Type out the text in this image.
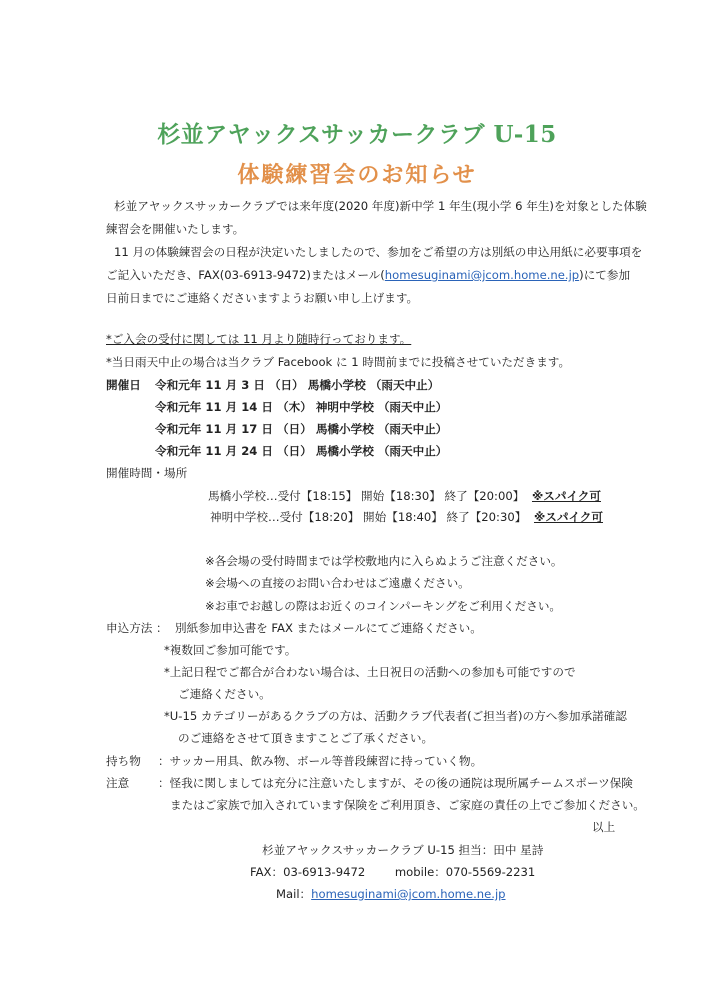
杉並アヤックスサッカークラブ U-15
体験練習会のお知らせ
杉並アヤックスサッカークラブでは来年度(2020 年度)新中学 1 年生(現小学 6 年生)を対象とした体験
練習会を開催いたします。
11 月の体験練習会の日程が決定いたしましたので、参加をご希望の方は別紙の申込用紙に必要事項を
ご記入いただき、FAX(03-6913-9472)またはメール(homesuginami@jcom.home.ne.jp)にて参加
日前日までにご連絡くださいますようお願い申し上げます。
*ご入会の受付に関しては 11 月より随時行っております。
*当日雨天中止の場合は当クラブ Facebook に 1 時間前までに投稿させていただきます。
開催日 令和元年 11 月 3 日 （日） 馬橋小学校 （雨天中止）
令和元年 11 月 14 日 （木） 神明中学校 （雨天中止）
令和元年 11 月 17 日 （日） 馬橋小学校 （雨天中止）
令和元年 11 月 24 日 （日） 馬橋小学校 （雨天中止）
開催時間・場所
馬橋小学校…受付【18:15】 開始【18:30】 終了【20:00】 ※スパイク可
神明中学校…受付【18:20】 開始【18:40】 終了【20:30】 ※スパイク可
※各会場の受付時間までは学校敷地内に入らぬようご注意ください。
※会場への直接のお問い合わせはご遠慮ください。
※お車でお越しの際はお近くのコインパーキングをご利用ください。
申込方法 ： 別紙参加申込書を FAX またはメールにてご連絡ください。
*複数回ご参加可能です。
*上記日程でご都合が合わない場合は、土日祝日の活動への参加も可能ですので
ご連絡ください。
*U-15 カテゴリーがあるクラブの方は、活動クラブ代表者(ご担当者)の方へ参加承諾確認
のご連絡をさせて頂きますことご了承ください。
持ち物 ：サッカー用具、飲み物、ボール等普段練習に持っていく物。
注意 ：怪我に関しましては充分に注意いたしますが、その後の通院は現所属チームスポーツ保険
またはご家族で加入されています保険をご利用頂き、ご家庭の責任の上でご参加ください。
以上
杉並アヤックスサッカークラブ U-15 担当：田中 星詩
FAX：03-6913-9472	mobile：070-5569-2231
Mail：homesuginami@jcom.home.ne.jp
